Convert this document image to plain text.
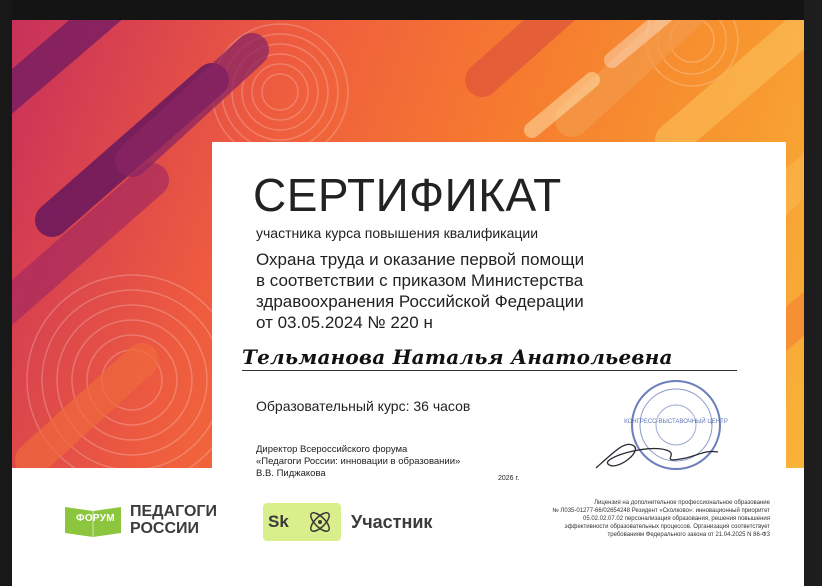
СЕРТИФИКАТ
участника курса повышения квалификации
Охрана труда и оказание первой помощи
в соответствии с приказом Министерства
здравоохранения Российской Федерации
от 03.05.2024 № 220 н
Тельманова Наталья Анатольевна
Образовательный курс: 36 часов
Директор Всероссийского форума
«Педагоги России: инновации в образовании»
В.В. Пиджакова	2026 г.
КОНГРЕСС-ВЫСТАВОЧНЫЙ ЦЕНТР
ФОРУМ ПЕДАГОГИ
РОССИИ	Sk	Участник
Лицензия на дополнительное профессиональное образование
№ Л035-01277-66/02654248 Резидент «Сколково»: инновационный приоритет
05.02.02.07.02 персонализация образования, решения повышения
эффективности образовательных процессов. Организация соответствует
требованиям Федерального закона от 21.04.2025 N 86-ФЗ
